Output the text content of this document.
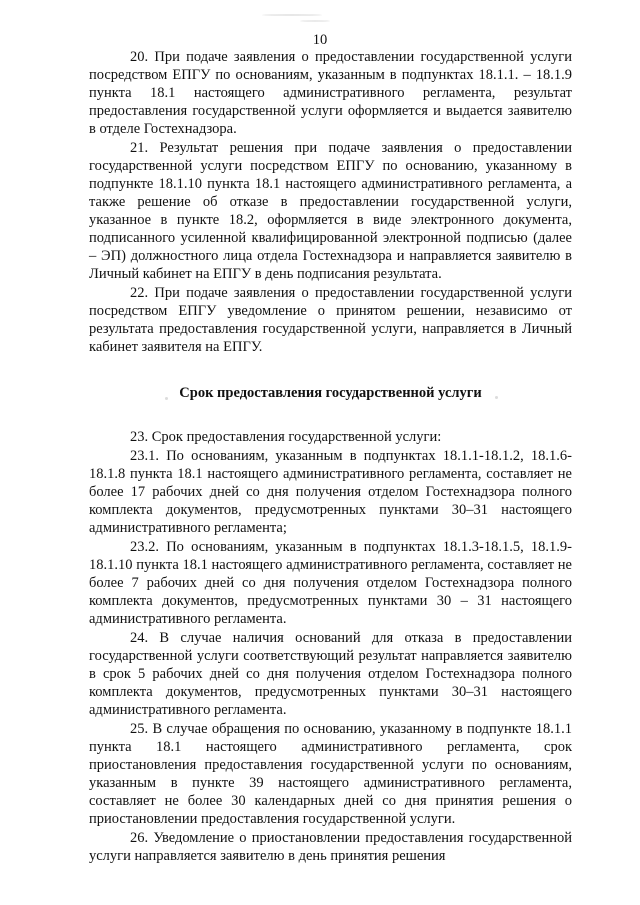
10

20. При подаче заявления о предоставлении государственной услуги посредством ЕПГУ по основаниям, указанным в подпунктах 18.1.1. – 18.1.9 пункта 18.1 настоящего административного регламента, результат предоставления государственной услуги оформляется и выдается заявителю в отделе Гостехнадзора.

21. Результат решения при подаче заявления о предоставлении государственной услуги посредством ЕПГУ по основанию, указанному в подпункте 18.1.10 пункта 18.1 настоящего административного регламента, а также решение об отказе в предоставлении государственной услуги, указанное в пункте 18.2, оформляется в виде электронного документа, подписанного усиленной квалифицированной электронной подписью (далее – ЭП) должностного лица отдела Гостехнадзора и направляется заявителю в Личный кабинет на ЕПГУ в день подписания результата.

22. При подаче заявления о предоставлении государственной услуги посредством ЕПГУ уведомление о принятом решении, независимо от результата предоставления государственной услуги, направляется в Личный кабинет заявителя на ЕПГУ.

Срок предоставления государственной услуги

23. Срок предоставления государственной услуги:

23.1. По основаниям, указанным в подпунктах 18.1.1-18.1.2, 18.1.6-18.1.8 пункта 18.1 настоящего административного регламента, составляет не более 17 рабочих дней со дня получения отделом Гостехнадзора полного комплекта документов, предусмотренных пунктами 30–31 настоящего административного регламента;

23.2. По основаниям, указанным в подпунктах 18.1.3-18.1.5, 18.1.9-18.1.10 пункта 18.1 настоящего административного регламента, составляет не более 7 рабочих дней со дня получения отделом Гостехнадзора полного комплекта документов, предусмотренных пунктами 30 – 31 настоящего административного регламента.

24. В случае наличия оснований для отказа в предоставлении государственной услуги соответствующий результат направляется заявителю в срок 5 рабочих дней со дня получения отделом Гостехнадзора полного комплекта документов, предусмотренных пунктами 30–31 настоящего административного регламента.

25. В случае обращения по основанию, указанному в подпункте 18.1.1 пункта 18.1 настоящего административного регламента, срок приостановления предоставления государственной услуги по основаниям, указанным в пункте 39 настоящего административного регламента, составляет не более 30 календарных дней со дня принятия решения о приостановлении предоставления государственной услуги.

26. Уведомление о приостановлении предоставления государственной услуги направляется заявителю в день принятия решения
